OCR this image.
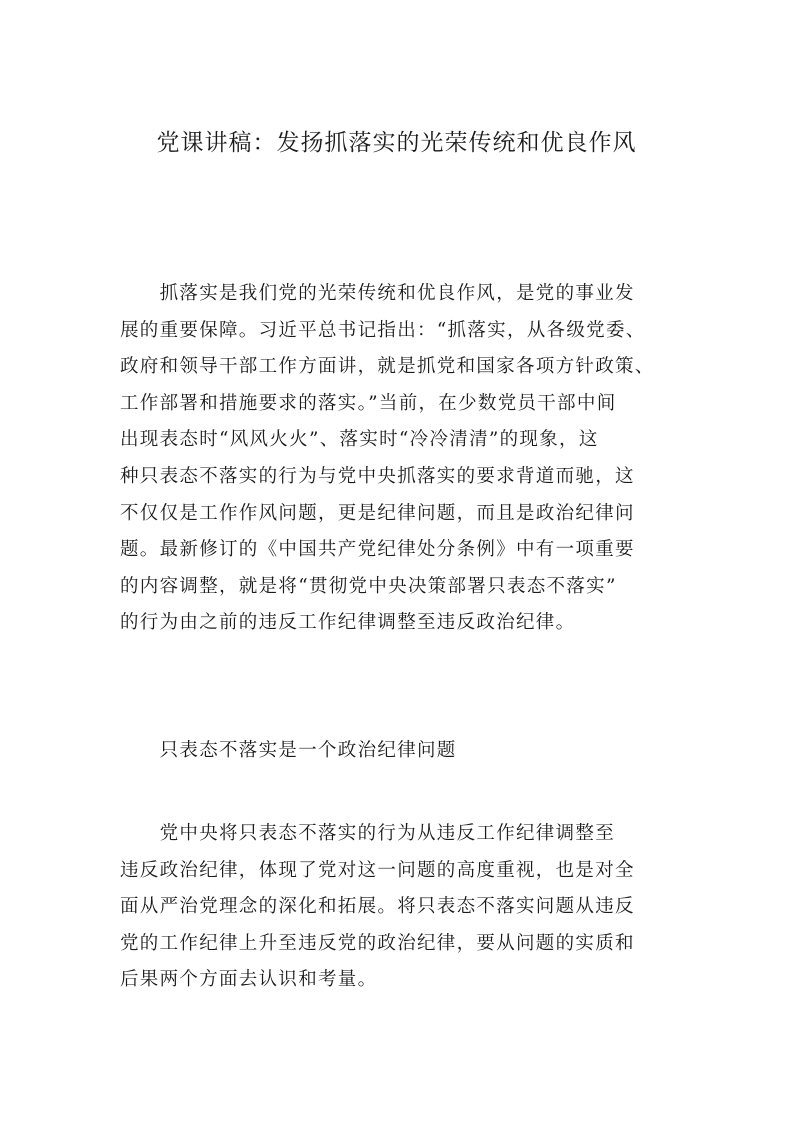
党课讲稿：发扬抓落实的光荣传统和优良作风

　　抓落实是我们党的光荣传统和优良作风，是党的事业发
展的重要保障。习近平总书记指出：“抓落实，从各级党委、
政府和领导干部工作方面讲，就是抓党和国家各项方针政策、
工作部署和措施要求的落实。”当前，在少数党员干部中间
出现表态时“风风火火”、落实时“冷冷清清”的现象，这
种只表态不落实的行为与党中央抓落实的要求背道而驰，这
不仅仅是工作作风问题，更是纪律问题，而且是政治纪律问
题。最新修订的《中国共产党纪律处分条例》中有一项重要
的内容调整，就是将“贯彻党中央决策部署只表态不落实”
的行为由之前的违反工作纪律调整至违反政治纪律。

　　只表态不落实是一个政治纪律问题

　　党中央将只表态不落实的行为从违反工作纪律调整至
违反政治纪律，体现了党对这一问题的高度重视，也是对全
面从严治党理念的深化和拓展。将只表态不落实问题从违反
党的工作纪律上升至违反党的政治纪律，要从问题的实质和
后果两个方面去认识和考量。
